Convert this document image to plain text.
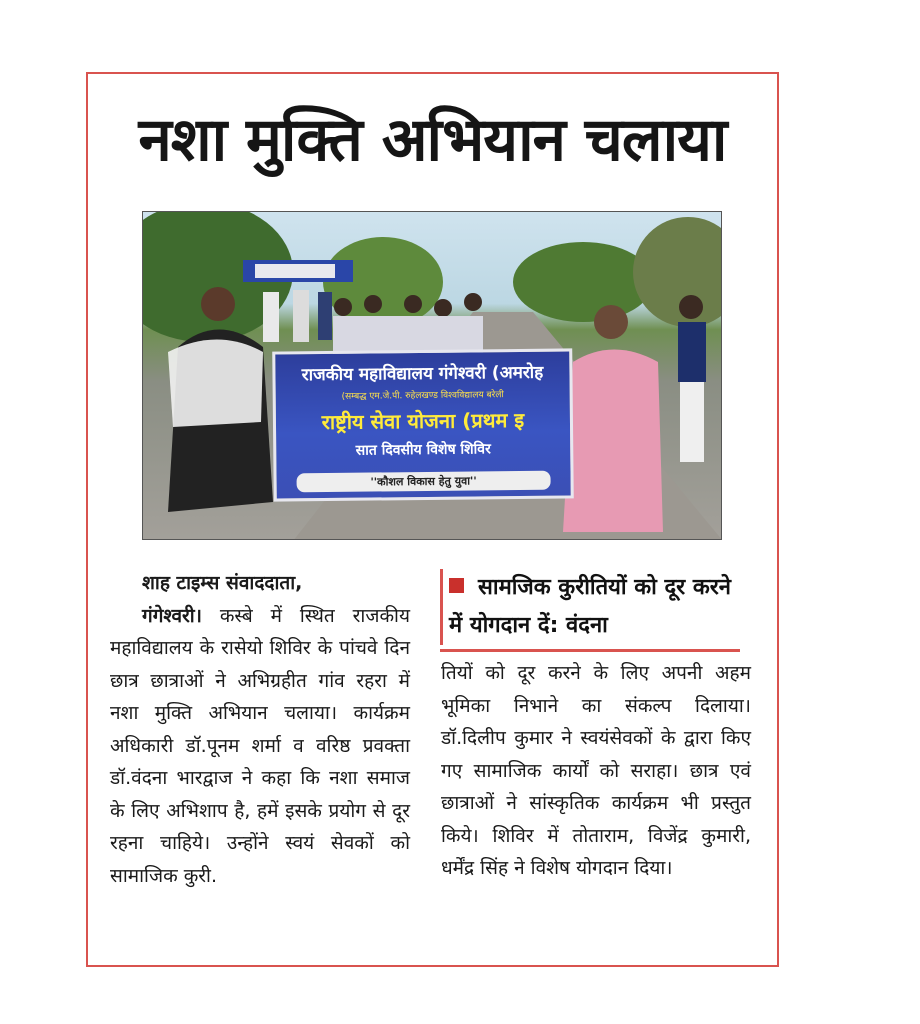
नशा मुक्ति अभियान चलाया
राजकीय महाविद्यालय गंगेश्वरी (अमरोह
(सम्बद्ध एम.जे.पी. रुहेलखण्ड विश्वविद्यालय बरेली
राष्ट्रीय सेवा योजना (प्रथम इ
सात दिवसीय विशेष शिविर
''कौशल विकास हेतु युवा''
शाह टाइम्स संवाददाता,
गंगेश्वरी। कस्बे में स्थित राजकीय महाविद्यालय के रासेयो शिविर के पांचवे दिन छात्र छात्राओं ने अभिग्रहीत गांव रहरा में नशा मुक्ति अभियान चलाया। कार्यक्रम अधिकारी डॉ.पूनम शर्मा व वरिष्ठ प्रवक्ता डॉ.वंदना भारद्वाज ने कहा कि नशा समाज के लिए अभिशाप है, हमें इसके प्रयोग से दूर रहना चाहिये। उन्होंने स्वयं सेवकों को सामाजिक कुरी.
सामजिक कुरीतियों को दूर करने में योगदान दें: वंदना
तियों को दूर करने के लिए अपनी अहम भूमिका निभाने का संकल्प दिलाया। डॉ.दिलीप कुमार ने स्वयंसेवकों के द्वारा किए गए सामाजिक कार्यों को सराहा। छात्र एवं छात्राओं ने सांस्कृतिक कार्यक्रम भी प्रस्तुत किये। शिविर में तोताराम, विजेंद्र कुमारी, धर्मेंद्र सिंह ने विशेष योगदान दिया।
